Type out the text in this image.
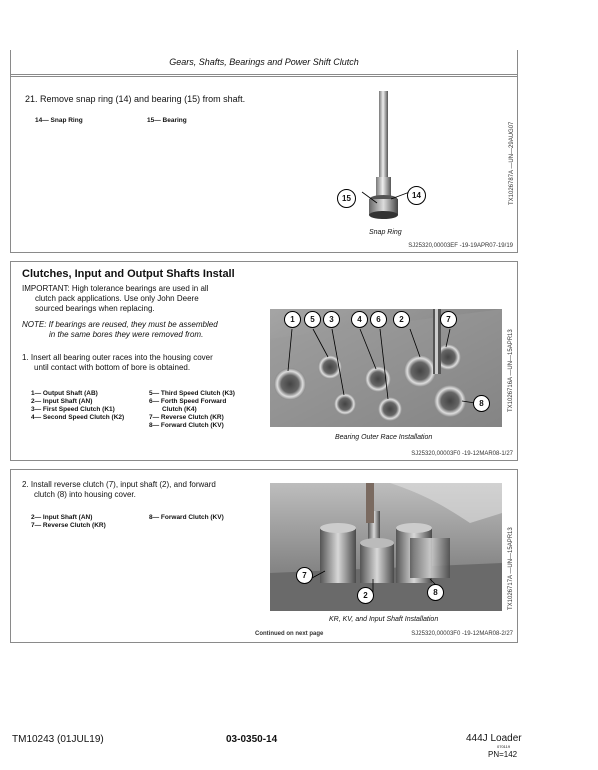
Gears, Shafts, Bearings and Power Shift Clutch
21. Remove snap ring (14) and bearing (15) from shaft.
14— Snap Ring	15— Bearing
15	14
Snap Ring
TX1026787A —UN—29AUG07
SJ25320,00003EF -19-19APR07-19/19
Clutches, Input and Output Shafts Install
IMPORTANT: High tolerance bearings are used in all
clutch pack applications. Use only John Deere
sourced bearings when replacing.
NOTE: If bearings are reused, they must be assembled
in the same bores they were removed from.
1. Insert all bearing outer races into the housing cover
until contact with bottom of bore is obtained.
1— Output Shaft (AB)
2— Input Shaft (AN)
3— First Speed Clutch (K1)
4— Second Speed Clutch (K2)
5— Third Speed Clutch (K3)
6— Forth Speed Forward
Clutch (K4)
7— Reverse Clutch (KR)
8— Forward Clutch (KV)
1	5	3	4	6	2	7
8
Bearing Outer Race Installation
TX1026716A —UN—15APR13
SJ25320,00003F0 -19-12MAR08-1/27
2. Install reverse clutch (7), input shaft (2), and forward
clutch (8) into housing cover.
2— Input Shaft (AN)
7— Reverse Clutch (KR)
8— Forward Clutch (KV)
7
2	8
KR, KV, and Input Shaft Installation
TX1026717A —UN—15APR13
Continued on next page	SJ25320,00003F0 -19-12MAR08-2/27
TM10243 (01JUL19)	03-0350-14	444J Loader
070119
PN=142
